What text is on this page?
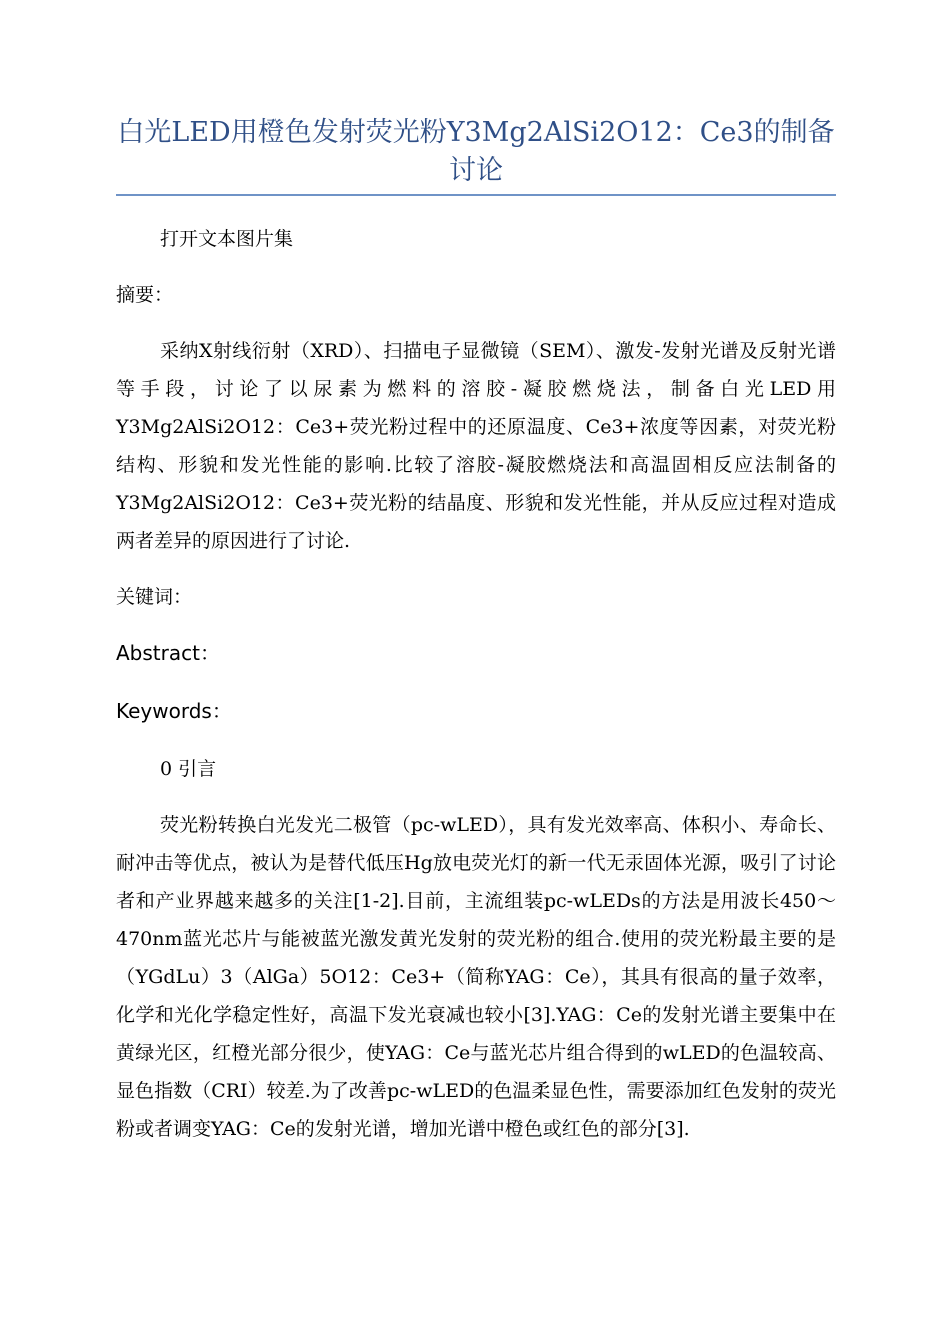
白光LED用橙色发射荧光粉Y3Mg2AlSi2O12：Ce3的制备讨论

打开文本图片集

摘要：

采纳X射线衍射（XRD）、扫描电子显微镜（SEM）、激发-发射光谱及反射光谱等手段，讨论了以尿素为燃料的溶胶-凝胶燃烧法，制备白光LED用Y3Mg2AlSi2O12：Ce3+荧光粉过程中的还原温度、Ce3+浓度等因素，对荧光粉结构、形貌和发光性能的影响.比较了溶胶-凝胶燃烧法和高温固相反应法制备的Y3Mg2AlSi2O12：Ce3+荧光粉的结晶度、形貌和发光性能，并从反应过程对造成两者差异的原因进行了讨论.

关键词：

Abstract：

Keywords：

0 引言

荧光粉转换白光发光二极管（pc-wLED），具有发光效率高、体积小、寿命长、耐冲击等优点，被认为是替代低压Hg放电荧光灯的新一代无汞固体光源，吸引了讨论者和产业界越来越多的关注[1-2].目前，主流组装pc-wLEDs的方法是用波长450～470nm蓝光芯片与能被蓝光激发黄光发射的荧光粉的组合.使用的荧光粉最主要的是（YGdLu）3（AlGa）5O12：Ce3+（简称YAG：Ce），其具有很高的量子效率，化学和光化学稳定性好，高温下发光衰减也较小[3].YAG：Ce的发射光谱主要集中在黄绿光区，红橙光部分很少，使YAG：Ce与蓝光芯片组合得到的wLED的色温较高、显色指数（CRI）较差.为了改善pc-wLED的色温柔显色性，需要添加红色发射的荧光粉或者调变YAG：Ce的发射光谱，增加光谱中橙色或红色的部分[3].
